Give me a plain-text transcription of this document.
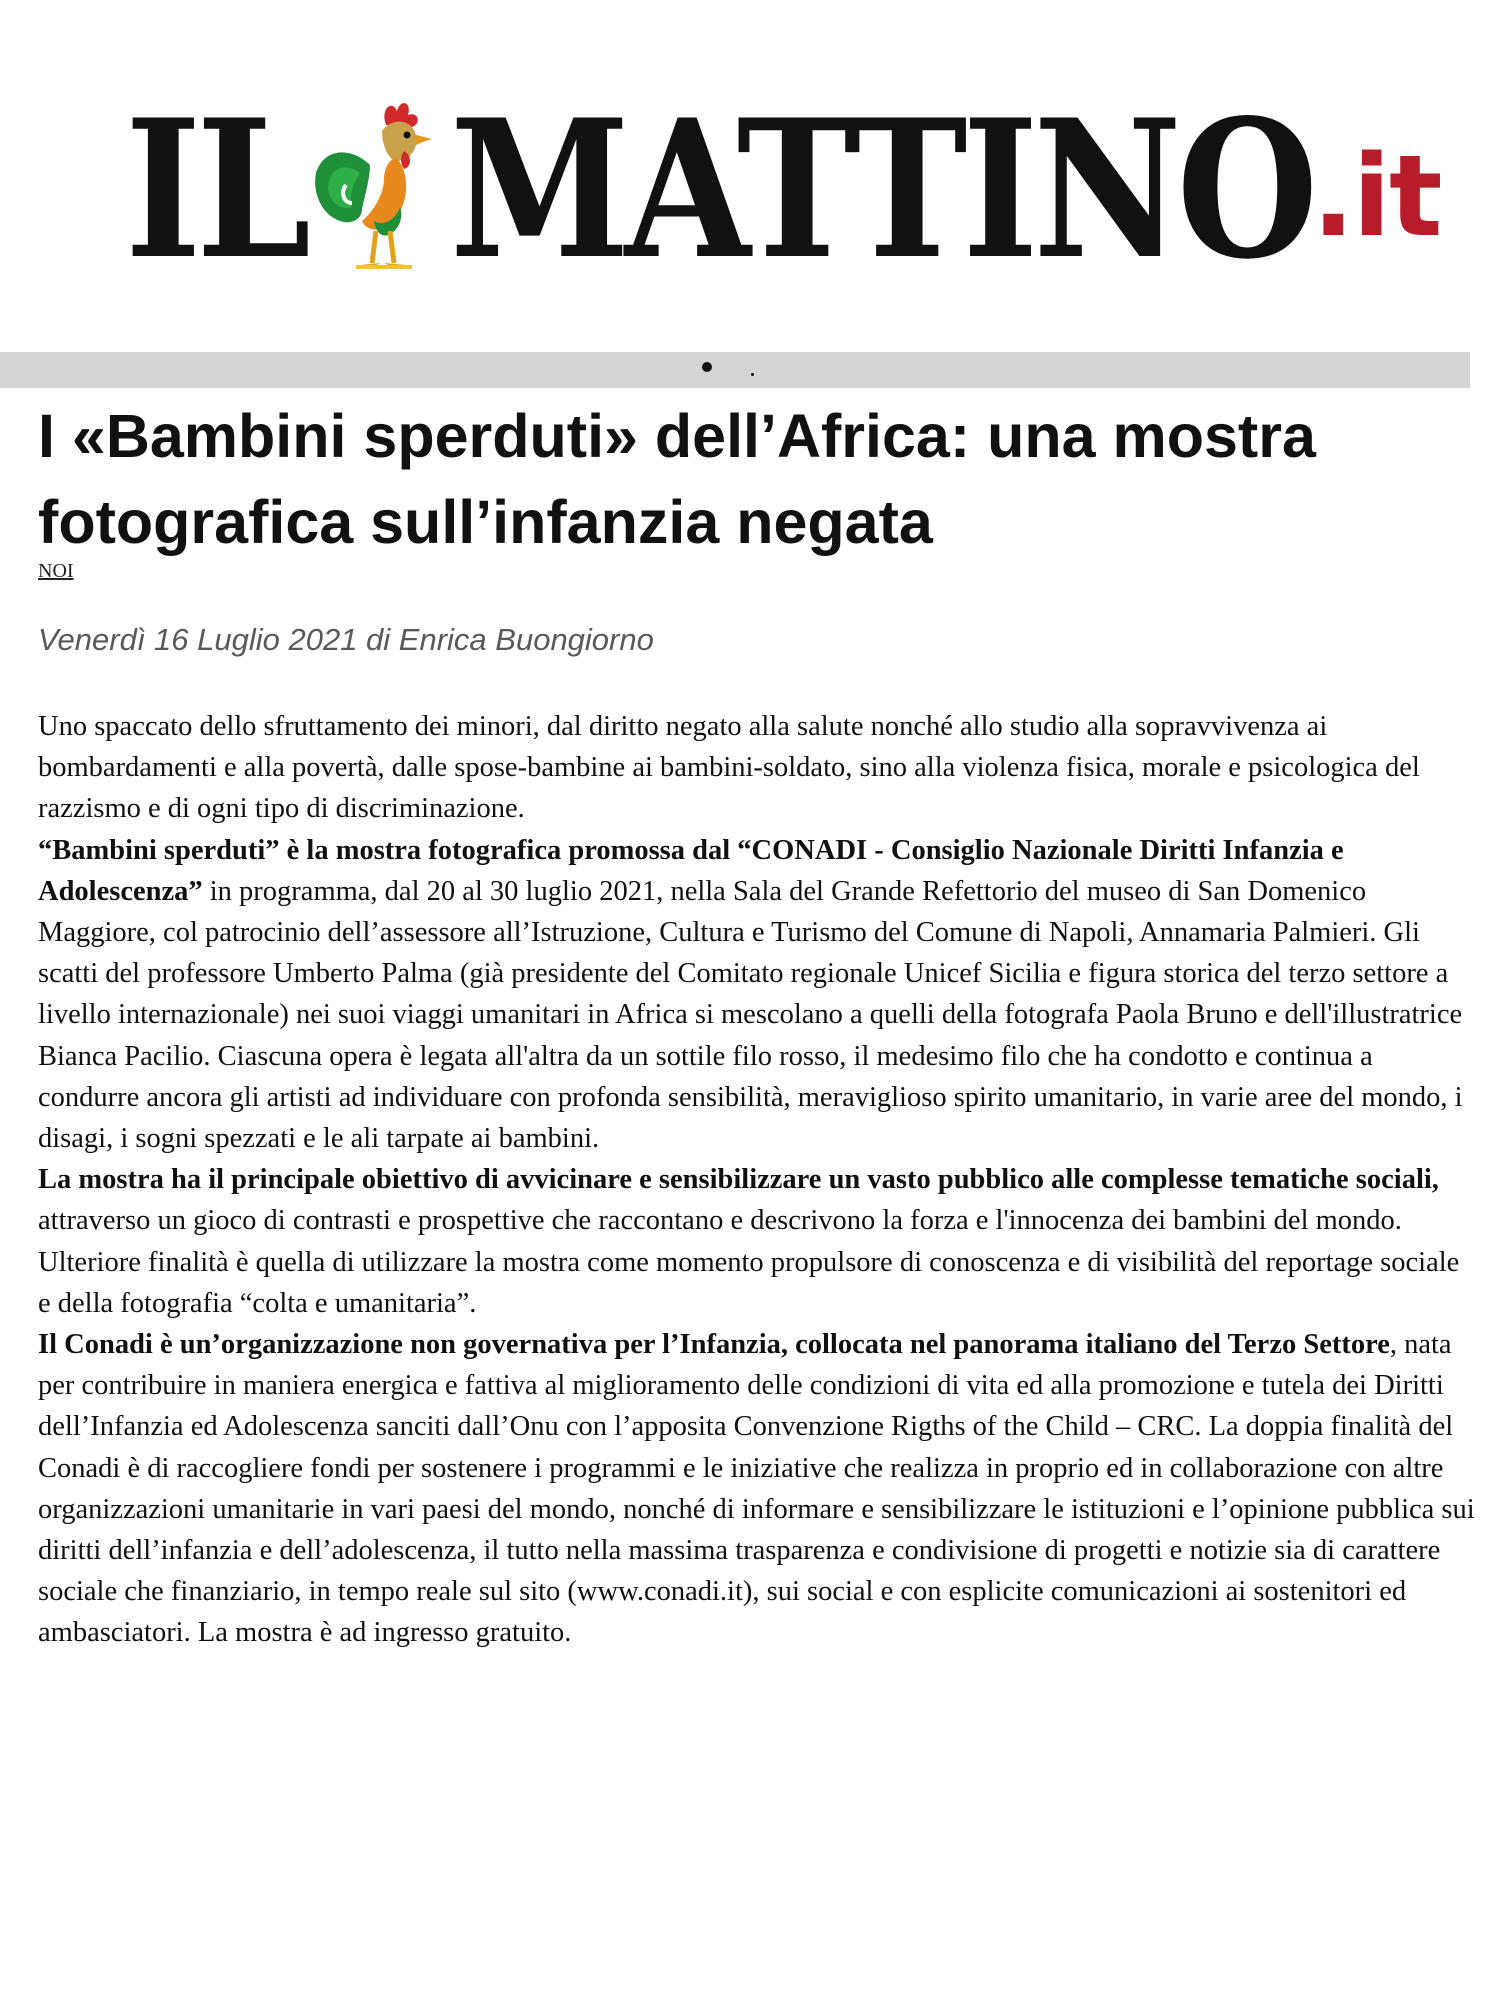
IL MATTINO
.it
I «Bambini sperduti» dell’Africa: una mostra fotografica sull’infanzia negata
NOI
Venerdì 16 Luglio 2021 di Enrica Buongiorno

Uno spaccato dello sfruttamento dei minori, dal diritto negato alla salute nonché allo studio alla sopravvivenza ai bombardamenti e alla povertà, dalle spose-bambine ai bambini-soldato, sino alla violenza fisica, morale e psicologica del razzismo e di ogni tipo di discriminazione.

“Bambini sperduti” è la mostra fotografica promossa dal “CONADI - Consiglio Nazionale Diritti Infanzia e Adolescenza” in programma, dal 20 al 30 luglio 2021, nella Sala del Grande Refettorio del museo di San Domenico Maggiore, col patrocinio dell’assessore all’Istruzione, Cultura e Turismo del Comune di Napoli, Annamaria Palmieri. Gli scatti del professore Umberto Palma (già presidente del Comitato regionale Unicef Sicilia e figura storica del terzo settore a livello internazionale) nei suoi viaggi umanitari in Africa si mescolano a quelli della fotografa Paola Bruno e dell'illustratrice Bianca Pacilio. Ciascuna opera è legata all'altra da un sottile filo rosso, il medesimo filo che ha condotto e continua a condurre ancora gli artisti ad individuare con profonda sensibilità, meraviglioso spirito umanitario, in varie aree del mondo, i disagi, i sogni spezzati e le ali tarpate ai bambini.

La mostra ha il principale obiettivo di avvicinare e sensibilizzare un vasto pubblico alle complesse tematiche sociali, attraverso un gioco di contrasti e prospettive che raccontano e descrivono la forza e l'innocenza dei bambini del mondo. Ulteriore finalità è quella di utilizzare la mostra come momento propulsore di conoscenza e di visibilità del reportage sociale e della fotografia “colta e umanitaria”.

Il Conadi è un’organizzazione non governativa per l’Infanzia, collocata nel panorama italiano del Terzo Settore, nata per contribuire in maniera energica e fattiva al miglioramento delle condizioni di vita ed alla promozione e tutela dei Diritti dell’Infanzia ed Adolescenza sanciti dall’Onu con l’apposita Convenzione Rigths of the Child – CRC. La doppia finalità del Conadi è di raccogliere fondi per sostenere i programmi e le iniziative che realizza in proprio ed in collaborazione con altre organizzazioni umanitarie in vari paesi del mondo, nonché di informare e sensibilizzare le istituzioni e l’opinione pubblica sui diritti dell’infanzia e dell’adolescenza, il tutto nella massima trasparenza e condivisione di progetti e notizie sia di carattere sociale che finanziario, in tempo reale sul sito (www.conadi.it), sui social e con esplicite comunicazioni ai sostenitori ed ambasciatori. La mostra è ad ingresso gratuito.
